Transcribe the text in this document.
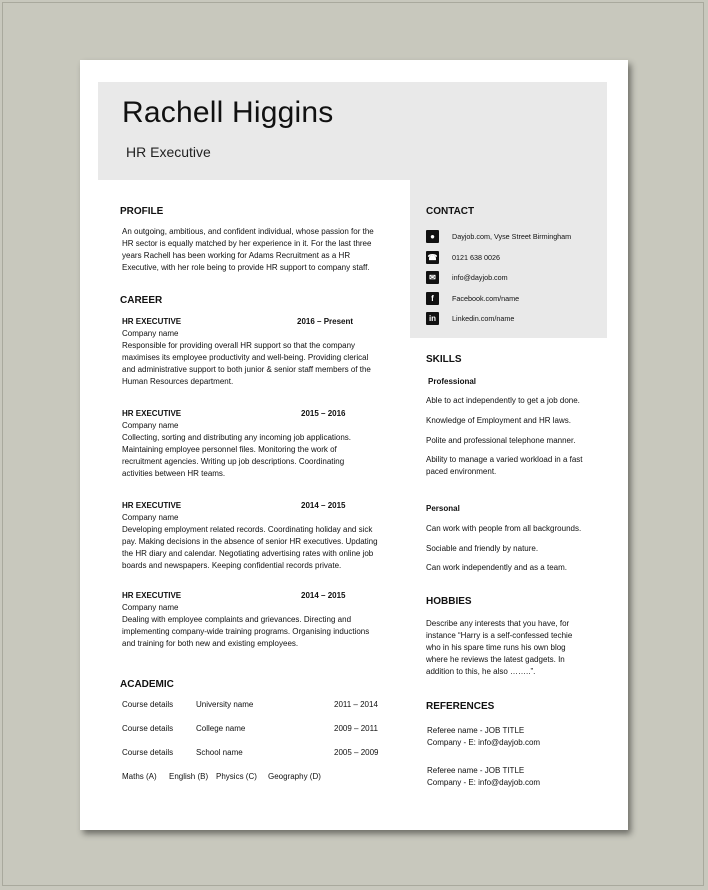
Rachell Higgins
HR Executive
PROFILE
An outgoing, ambitious, and confident individual, whose passion for the
HR sector is equally matched by her experience in it. For the last three
years Rachell has been working for Adams Recruitment as a HR
Executive, with her role being to provide HR support to company staff.
CAREER
HR EXECUTIVE	2016 – Present
Company name
Responsible for providing overall HR support so that the company
maximises its employee productivity and well-being. Providing clerical
and administrative support to both junior & senior staff members of the
Human Resources department.
HR EXECUTIVE	2015 – 2016
Company name
Collecting, sorting and distributing any incoming job applications.
Maintaining employee personnel files. Monitoring the work of
recruitment agencies. Writing up job descriptions. Coordinating
activities between HR teams.
HR EXECUTIVE	2014 – 2015
Company name
Developing employment related records. Coordinating holiday and sick
pay. Making decisions in the absence of senior HR executives. Updating
the HR diary and calendar. Negotiating advertising rates with online job
boards and newspapers. Keeping confidential records private.
HR EXECUTIVE	2014 – 2015
Company name
Dealing with employee complaints and grievances. Directing and
implementing company-wide training programs. Organising inductions
and training for both new and existing employees.
ACADEMIC
Course details	University name	2011 – 2014
Course details	College name	2009 – 2011
Course details	School name	2005 – 2009
Maths (A) English (B) Physics (C) Geography (D)
CONTACT
●	Dayjob.com, Vyse Street Birmingham
☎ 0121 638 0026
✉	info@dayjob.com
f	Facebook.com/name
in	Linkedin.com/name
SKILLS
Professional
Able to act independently to get a job done.
Knowledge of Employment and HR laws.
Polite and professional telephone manner.
Ability to manage a varied workload in a fast
paced environment.
Personal
Can work with people from all backgrounds.
Sociable and friendly by nature.
Can work independently and as a team.
HOBBIES
Describe any interests that you have, for
instance “Harry is a self-confessed techie
who in his spare time runs his own blog
where he reviews the latest gadgets. In
addition to this, he also ……..”.
REFERENCES
Referee name - JOB TITLE
Company - E: info@dayjob.com
Referee name - JOB TITLE
Company - E: info@dayjob.com
